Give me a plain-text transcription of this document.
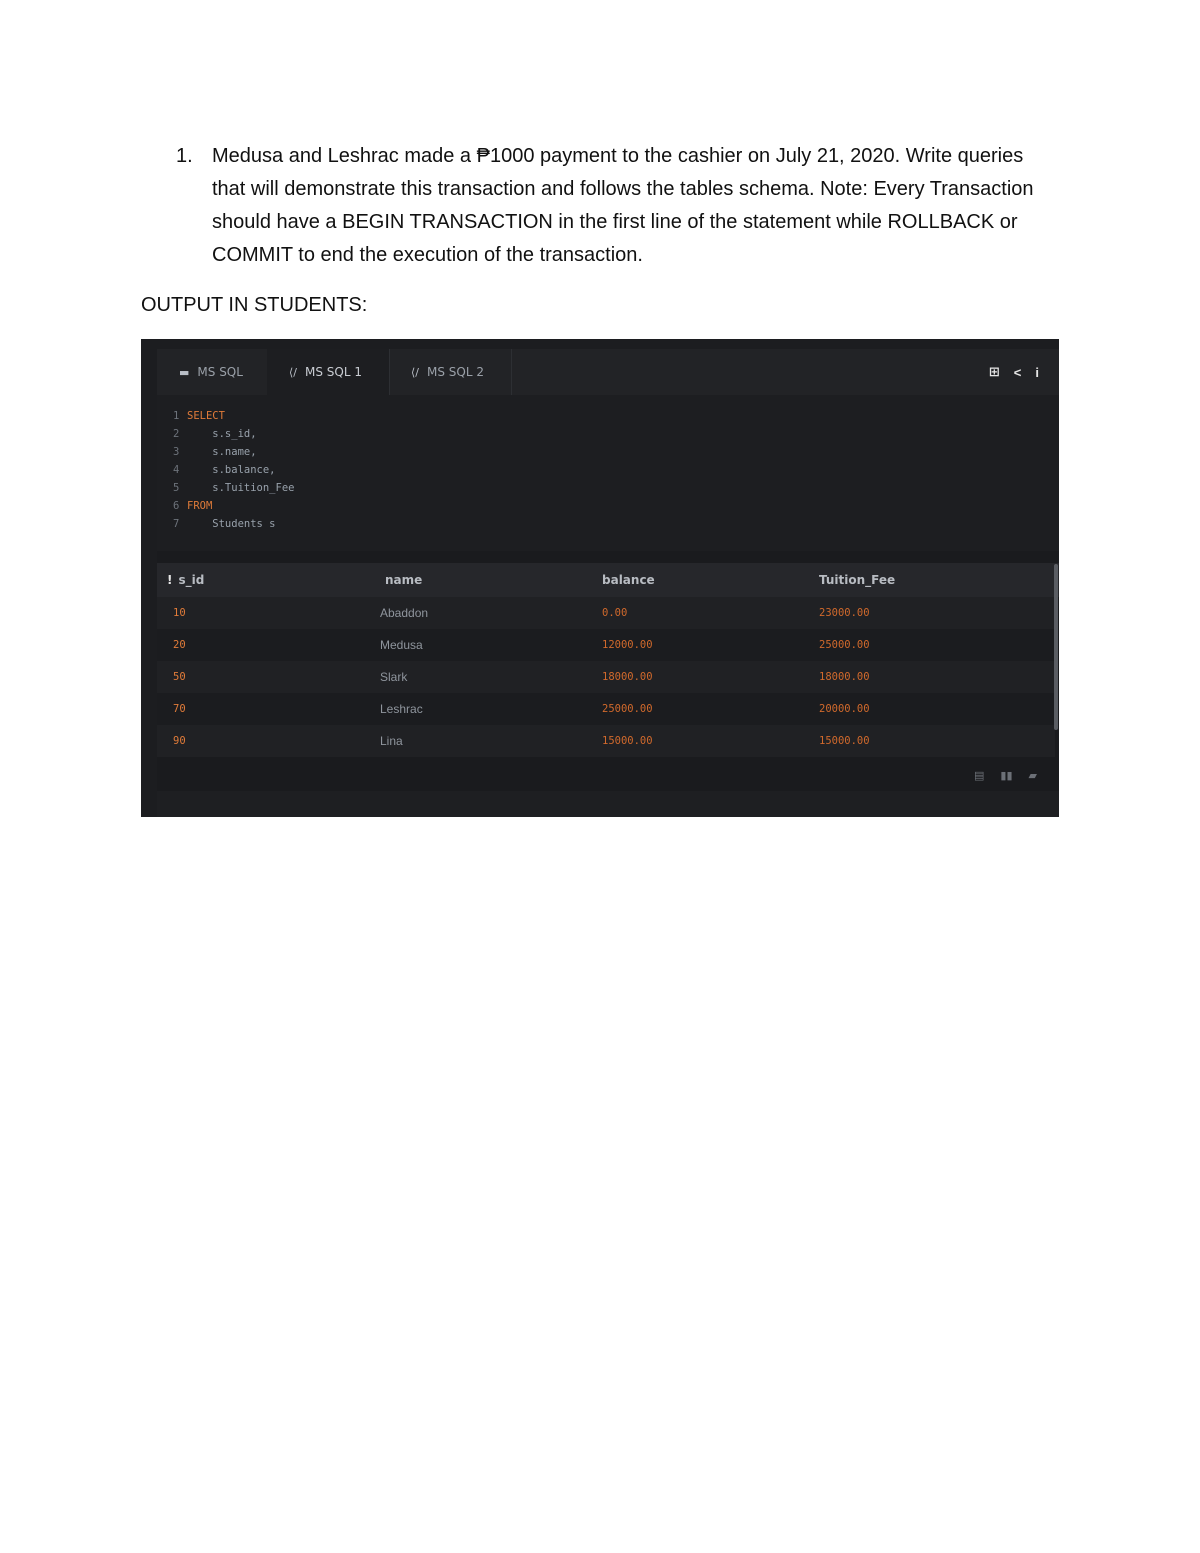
1. Medusa and Leshrac made a ₱1000 payment to the cashier on July 21, 2020. Write queries that will demonstrate this transaction and follows the tables schema. Note: Every Transaction should have a BEGIN TRANSACTION in the first line of the statement while ROLLBACK or COMMIT to end the execution of the transaction.

OUTPUT IN STUDENTS:
▬ MS SQL	⟨/ MS SQL 1	⟨/ MS SQL 2	⊞ < i
1 SELECT
2    s.s_id,
3    s.name,
4    s.balance,
5    s.Tuition_Fee
6 FROM
7    Students s
! s_id	name	balance	Tuition_Fee
10	Abaddon	0.00	23000.00
20	Medusa	12000.00	25000.00
50	Slark	18000.00	18000.00
70	Leshrac	25000.00	20000.00
90	Lina	15000.00	15000.00
▤ ▮▮ ▰
